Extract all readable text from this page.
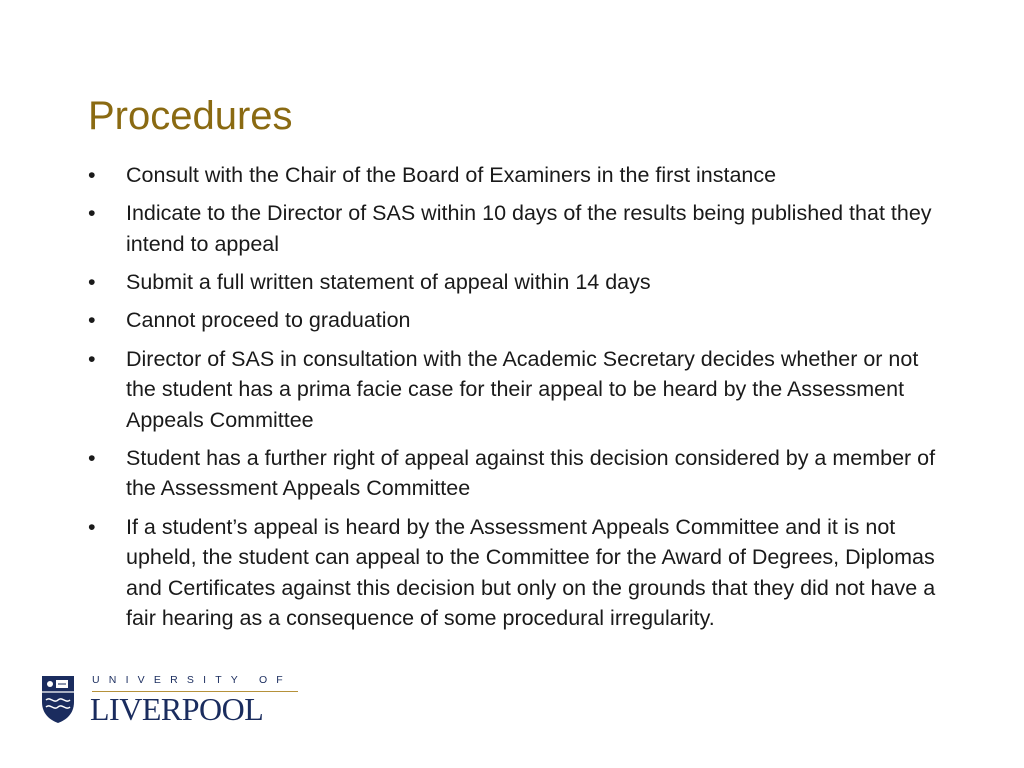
Procedures
•	Consult with the Chair of the Board of Examiners in the first instance
•	Indicate to the Director of SAS within 10 days of the results being published that they intend to appeal
•	Submit a full written statement of appeal within 14 days
•	Cannot proceed to graduation
•	Director of SAS in consultation with the Academic Secretary decides whether or not the student has a prima facie case for their appeal to be heard by the Assessment Appeals Committee
•	Student has a further right of appeal against this decision considered by a member of the Assessment Appeals Committee
•	If a student’s appeal is heard by the Assessment Appeals Committee and it is not upheld, the student can appeal to the Committee for the Award of Degrees, Diplomas and Certificates against this decision but only on the grounds that they did not have a fair hearing as a consequence of some procedural irregularity.
UNIVERSITY OF
LIVERPOOL
